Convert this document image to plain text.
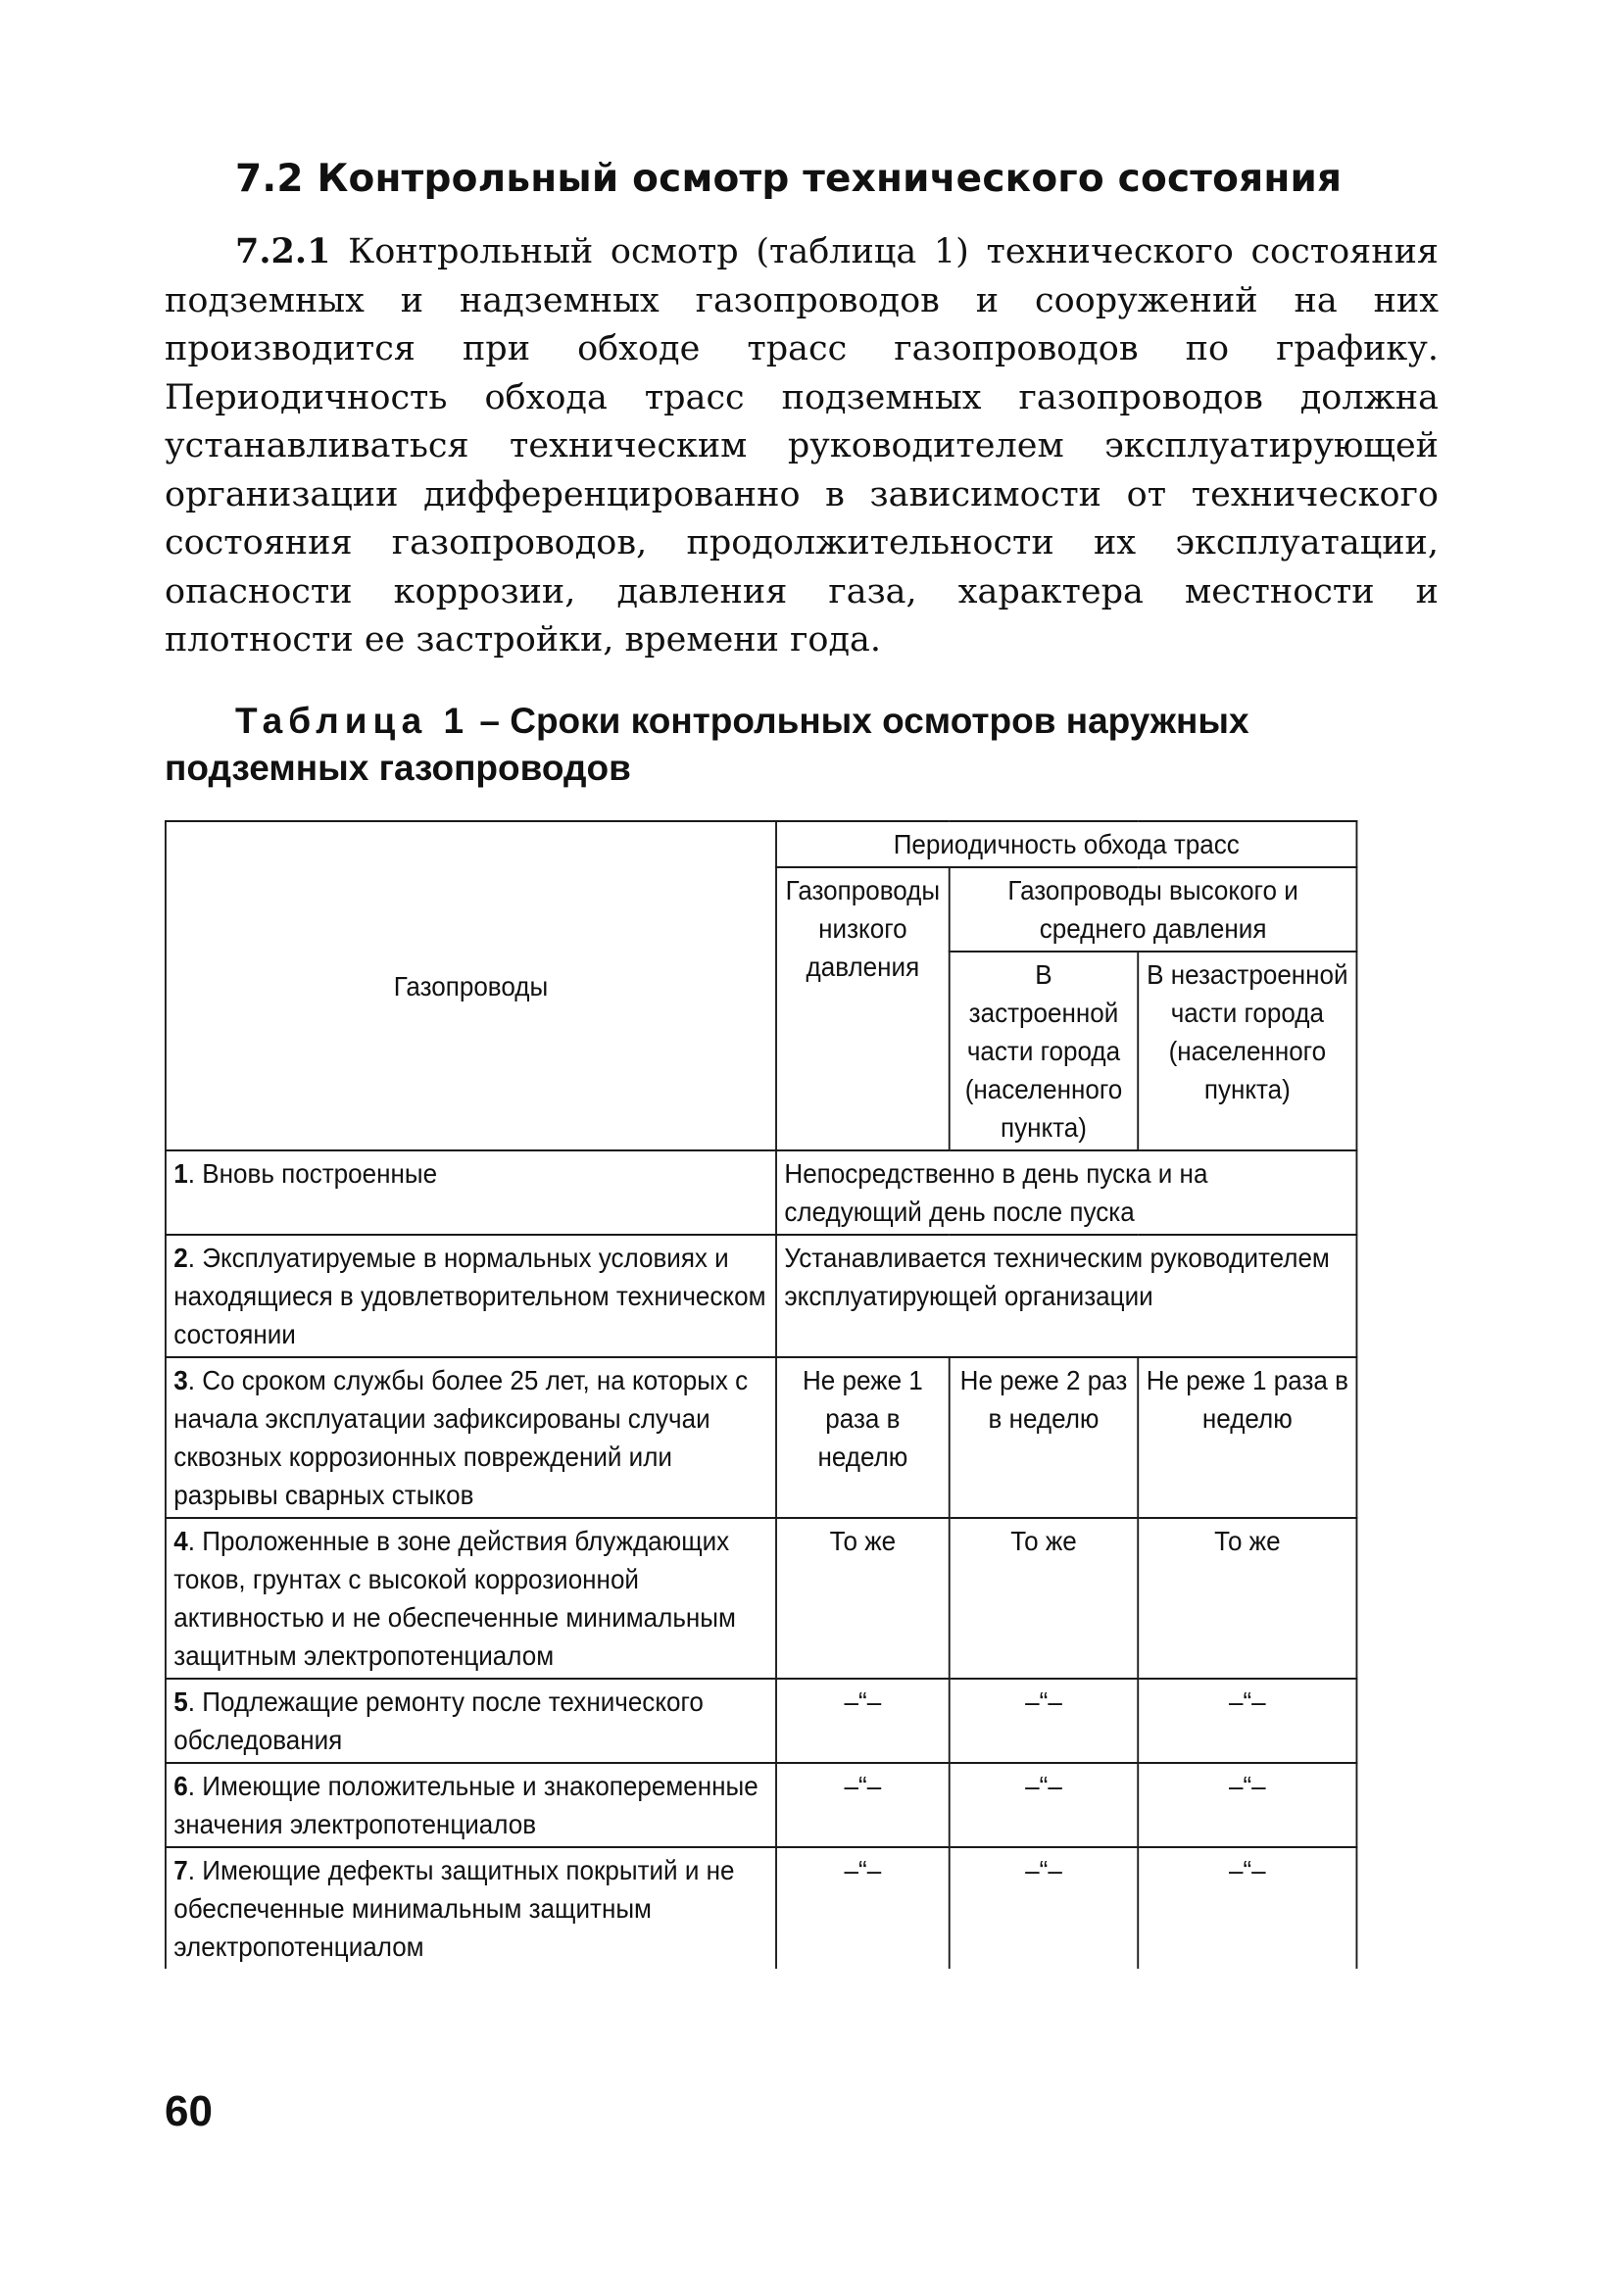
7.2 Контрольный осмотр технического состояния

7.2.1 Контрольный осмотр (таблица 1) технического состояния подземных и надземных газопроводов и сооружений на них производится при обходе трасс газопроводов по графику. Периодичность обхода трасс подземных газопроводов должна устанавливаться техническим руководителем эксплуатирующей организации дифференцированно в зависимости от технического состояния газопроводов, продолжительности их эксплуатации, опасности коррозии, давления газа, характера местности и плотности ее застройки, времени года.

Таблица 1 – Сроки контрольных осмотров наружных подземных газопроводов

Газопроводы	Периодичность обхода трасс		
	Газопроводы низкого давления	Газопроводы высокого и среднего давления	
		В застроенной части города (населенного пункта)	В незастроенной части города (населенного пункта)
1. Вновь построенные	Непосредственно в день пуска и на следующий день после пуска		
2. Эксплуатируемые в нормальных условиях и находящиеся в удовлетворительном техническом состоянии	Устанавливается техническим руководителем эксплуатирующей организации		
3. Со сроком службы более 25 лет, на которых с начала эксплуатации зафиксированы случаи сквозных коррозионных повреждений или разрывы сварных стыков	Не реже 1 раза в неделю	Не реже 2 раз в неделю	Не реже 1 раза в неделю
4. Проложенные в зоне действия блуждающих токов, грунтах с высокой коррозионной активностью и не обеспеченные минимальным защитным электропотенциалом	То же	То же	То же
5. Подлежащие ремонту после технического обследования	–“–	–“–	–“–
6. Имеющие положительные и знакопеременные значения электропотенциалов	–“–	–“–	–“–
7. Имеющие дефекты защитных покрытий и не обеспеченные минимальным защитным электропотенциалом	–“–	–“–	–“–
60
